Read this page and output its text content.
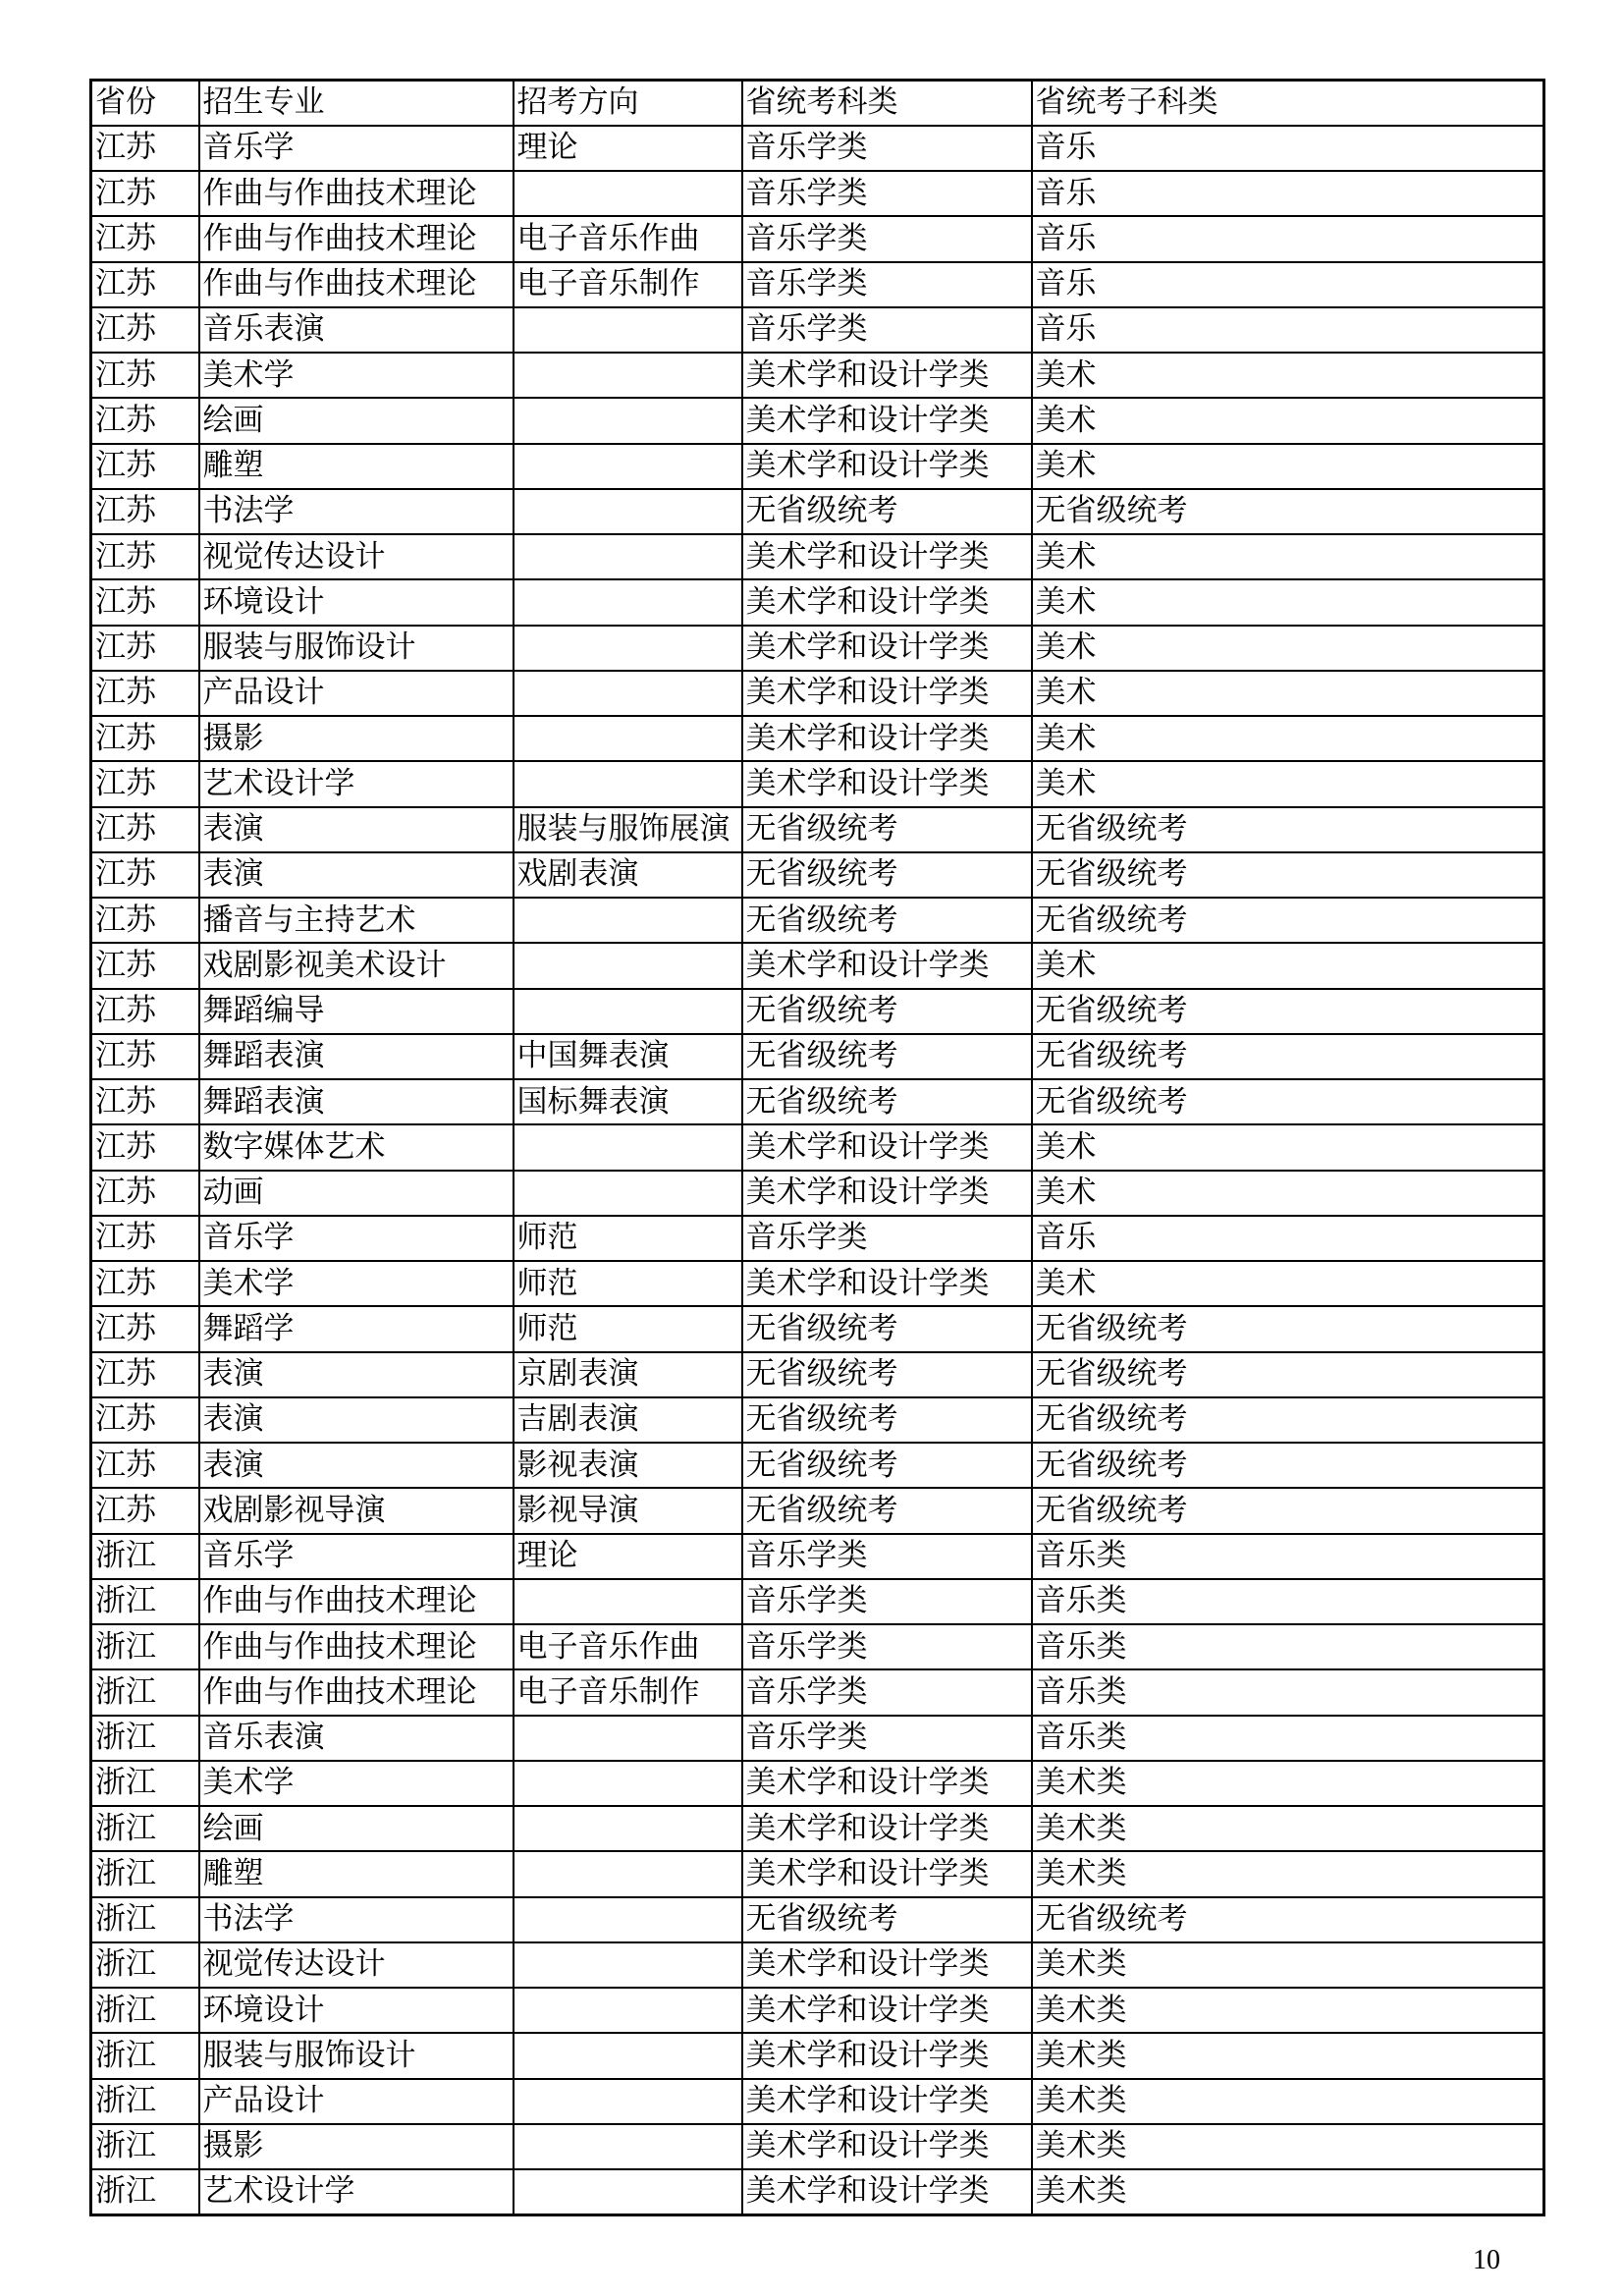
省份	招生专业	招考方向	省统考科类	省统考子科类
江苏	音乐学	理论	音乐学类	音乐
江苏	作曲与作曲技术理论		音乐学类	音乐
江苏	作曲与作曲技术理论	电子音乐作曲	音乐学类	音乐
江苏	作曲与作曲技术理论	电子音乐制作	音乐学类	音乐
江苏	音乐表演		音乐学类	音乐
江苏	美术学		美术学和设计学类	美术
江苏	绘画		美术学和设计学类	美术
江苏	雕塑		美术学和设计学类	美术
江苏	书法学		无省级统考	无省级统考
江苏	视觉传达设计		美术学和设计学类	美术
江苏	环境设计		美术学和设计学类	美术
江苏	服装与服饰设计		美术学和设计学类	美术
江苏	产品设计		美术学和设计学类	美术
江苏	摄影		美术学和设计学类	美术
江苏	艺术设计学		美术学和设计学类	美术
江苏	表演	服装与服饰展演	无省级统考	无省级统考
江苏	表演	戏剧表演	无省级统考	无省级统考
江苏	播音与主持艺术		无省级统考	无省级统考
江苏	戏剧影视美术设计		美术学和设计学类	美术
江苏	舞蹈编导		无省级统考	无省级统考
江苏	舞蹈表演	中国舞表演	无省级统考	无省级统考
江苏	舞蹈表演	国标舞表演	无省级统考	无省级统考
江苏	数字媒体艺术		美术学和设计学类	美术
江苏	动画		美术学和设计学类	美术
江苏	音乐学	师范	音乐学类	音乐
江苏	美术学	师范	美术学和设计学类	美术
江苏	舞蹈学	师范	无省级统考	无省级统考
江苏	表演	京剧表演	无省级统考	无省级统考
江苏	表演	吉剧表演	无省级统考	无省级统考
江苏	表演	影视表演	无省级统考	无省级统考
江苏	戏剧影视导演	影视导演	无省级统考	无省级统考
浙江	音乐学	理论	音乐学类	音乐类
浙江	作曲与作曲技术理论		音乐学类	音乐类
浙江	作曲与作曲技术理论	电子音乐作曲	音乐学类	音乐类
浙江	作曲与作曲技术理论	电子音乐制作	音乐学类	音乐类
浙江	音乐表演		音乐学类	音乐类
浙江	美术学		美术学和设计学类	美术类
浙江	绘画		美术学和设计学类	美术类
浙江	雕塑		美术学和设计学类	美术类
浙江	书法学		无省级统考	无省级统考
浙江	视觉传达设计		美术学和设计学类	美术类
浙江	环境设计		美术学和设计学类	美术类
浙江	服装与服饰设计		美术学和设计学类	美术类
浙江	产品设计		美术学和设计学类	美术类
浙江	摄影		美术学和设计学类	美术类
浙江	艺术设计学		美术学和设计学类	美术类
10
